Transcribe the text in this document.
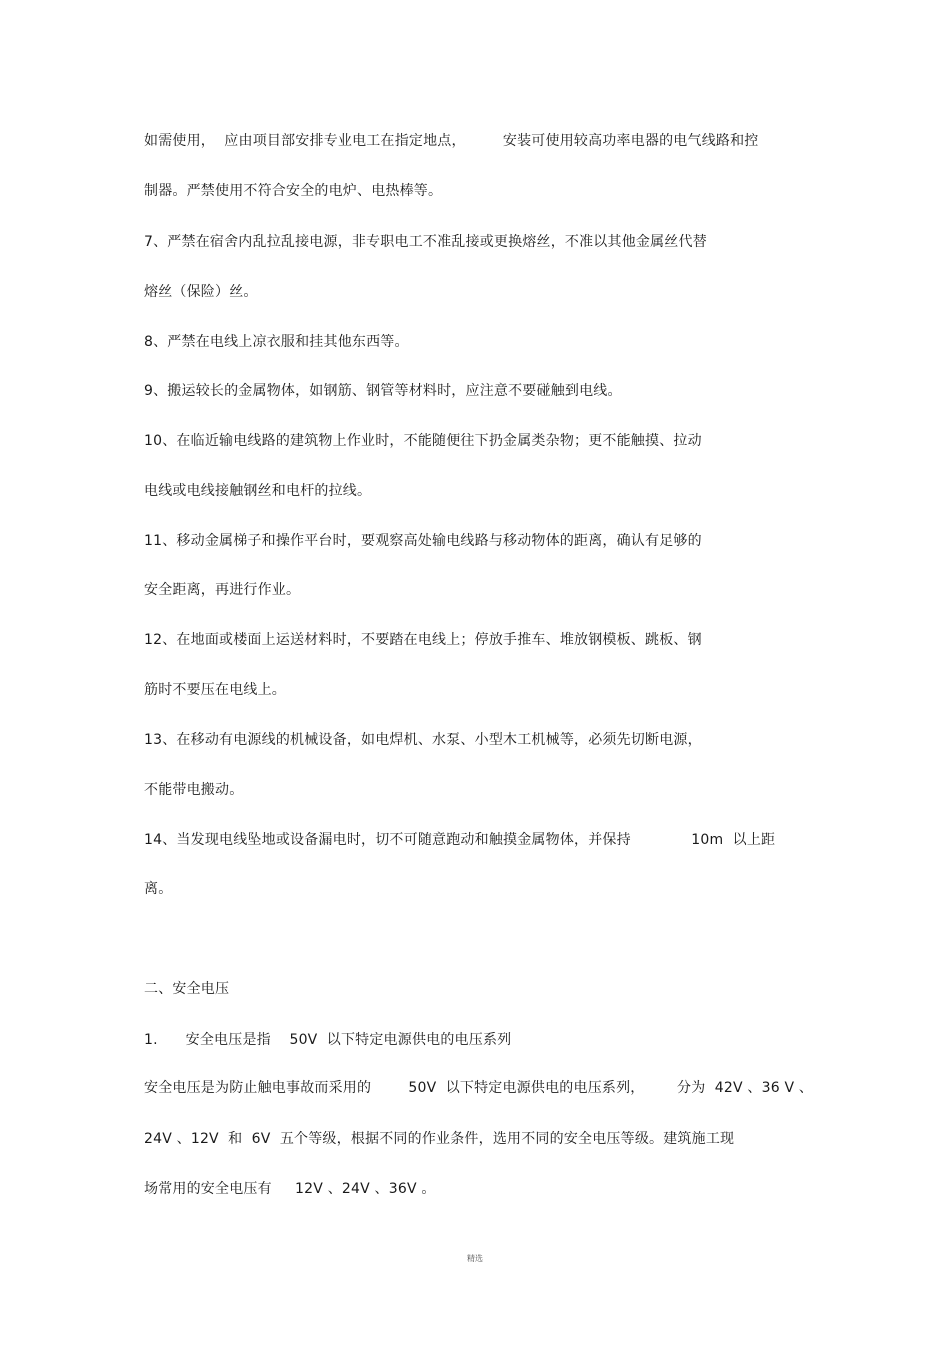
如需使用，  应由项目部安排专业电工在指定地点，        安装可使用较高功率电器的电气线路和控
制器。严禁使用不符合安全的电炉、电热棒等。
7、严禁在宿舍内乱拉乱接电源，非专职电工不准乱接或更换熔丝，不准以其他金属丝代替
熔丝（保险）丝。
8、严禁在电线上凉衣服和挂其他东西等。
9、搬运较长的金属物体，如钢筋、钢管等材料时，应注意不要碰触到电线。
10、在临近输电线路的建筑物上作业时，不能随便往下扔金属类杂物；更不能触摸、拉动
电线或电线接触钢丝和电杆的拉线。
11、移动金属梯子和操作平台时，要观察高处输电线路与移动物体的距离，确认有足够的
安全距离，再进行作业。
12、在地面或楼面上运送材料时，不要踏在电线上；停放手推车、堆放钢模板、跳板、钢
筋时不要压在电线上。
13、在移动有电源线的机械设备，如电焊机、水泵、小型木工机械等，必须先切断电源，
不能带电搬动。
14、当发现电线坠地或设备漏电时，切不可随意跑动和触摸金属物体，并保持             10m  以上距
离。
二、安全电压
1.      安全电压是指    50V  以下特定电源供电的电压系列
安全电压是为防止触电事故而采用的        50V  以下特定电源供电的电压系列，       分为  42V 、36 V 、
24V 、12V  和  6V  五个等级，根据不同的作业条件，选用不同的安全电压等级。建筑施工现
场常用的安全电压有     12V 、24V 、36V 。
精选
